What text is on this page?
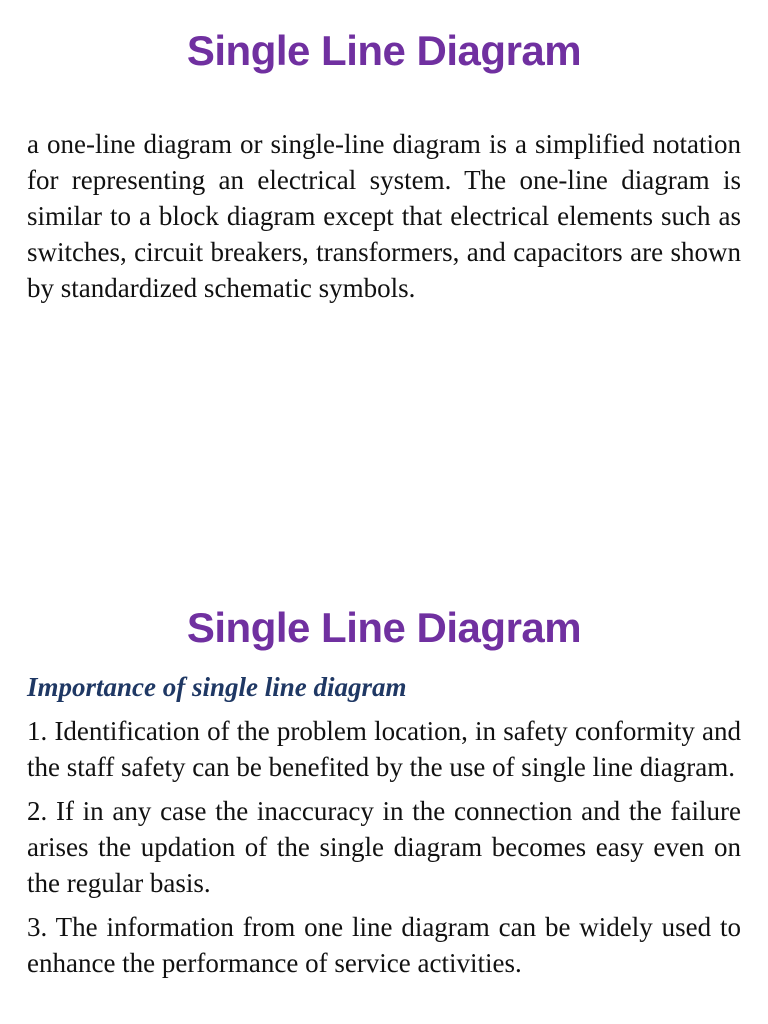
Single Line Diagram

a one-line diagram or single-line diagram is a simplified notation for representing an electrical system. The one-line diagram is similar to a block diagram except that electrical elements such as switches, circuit breakers, transformers, and capacitors are shown by standardized schematic symbols.

Single Line Diagram
Importance of single line diagram
1. Identification of the problem location, in safety conformity and the staff safety can be benefited by the use of single line diagram.
2. If in any case the inaccuracy in the connection and the failure arises the updation of the single diagram becomes easy even on the regular basis.
3. The information from one line diagram can be widely used to enhance the performance of service activities.
